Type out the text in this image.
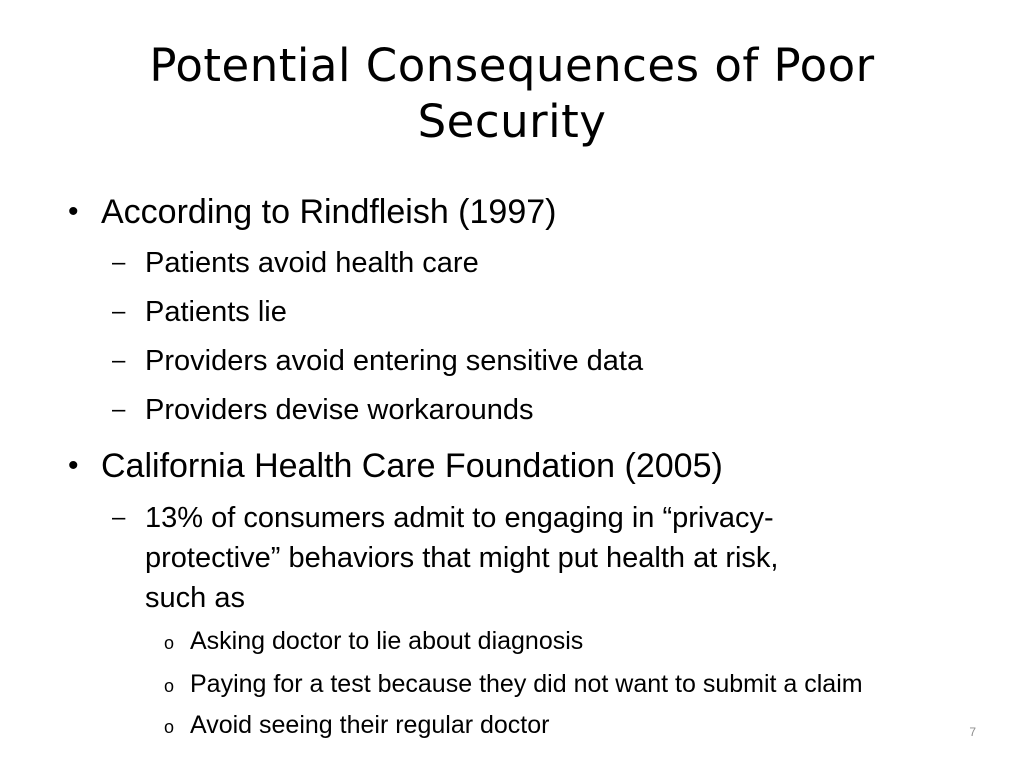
Potential Consequences of Poor Security
• According to Rindfleish (1997)
– Patients avoid health care
– Patients lie
– Providers avoid entering sensitive data
– Providers devise workarounds
• California Health Care Foundation (2005)
– 13% of consumers admit to engaging in “privacy-
protective” behaviors that might put health at risk,
such as
o Asking doctor to lie about diagnosis
o Paying for a test because they did not want to submit a claim
o Avoid seeing their regular doctor	7
